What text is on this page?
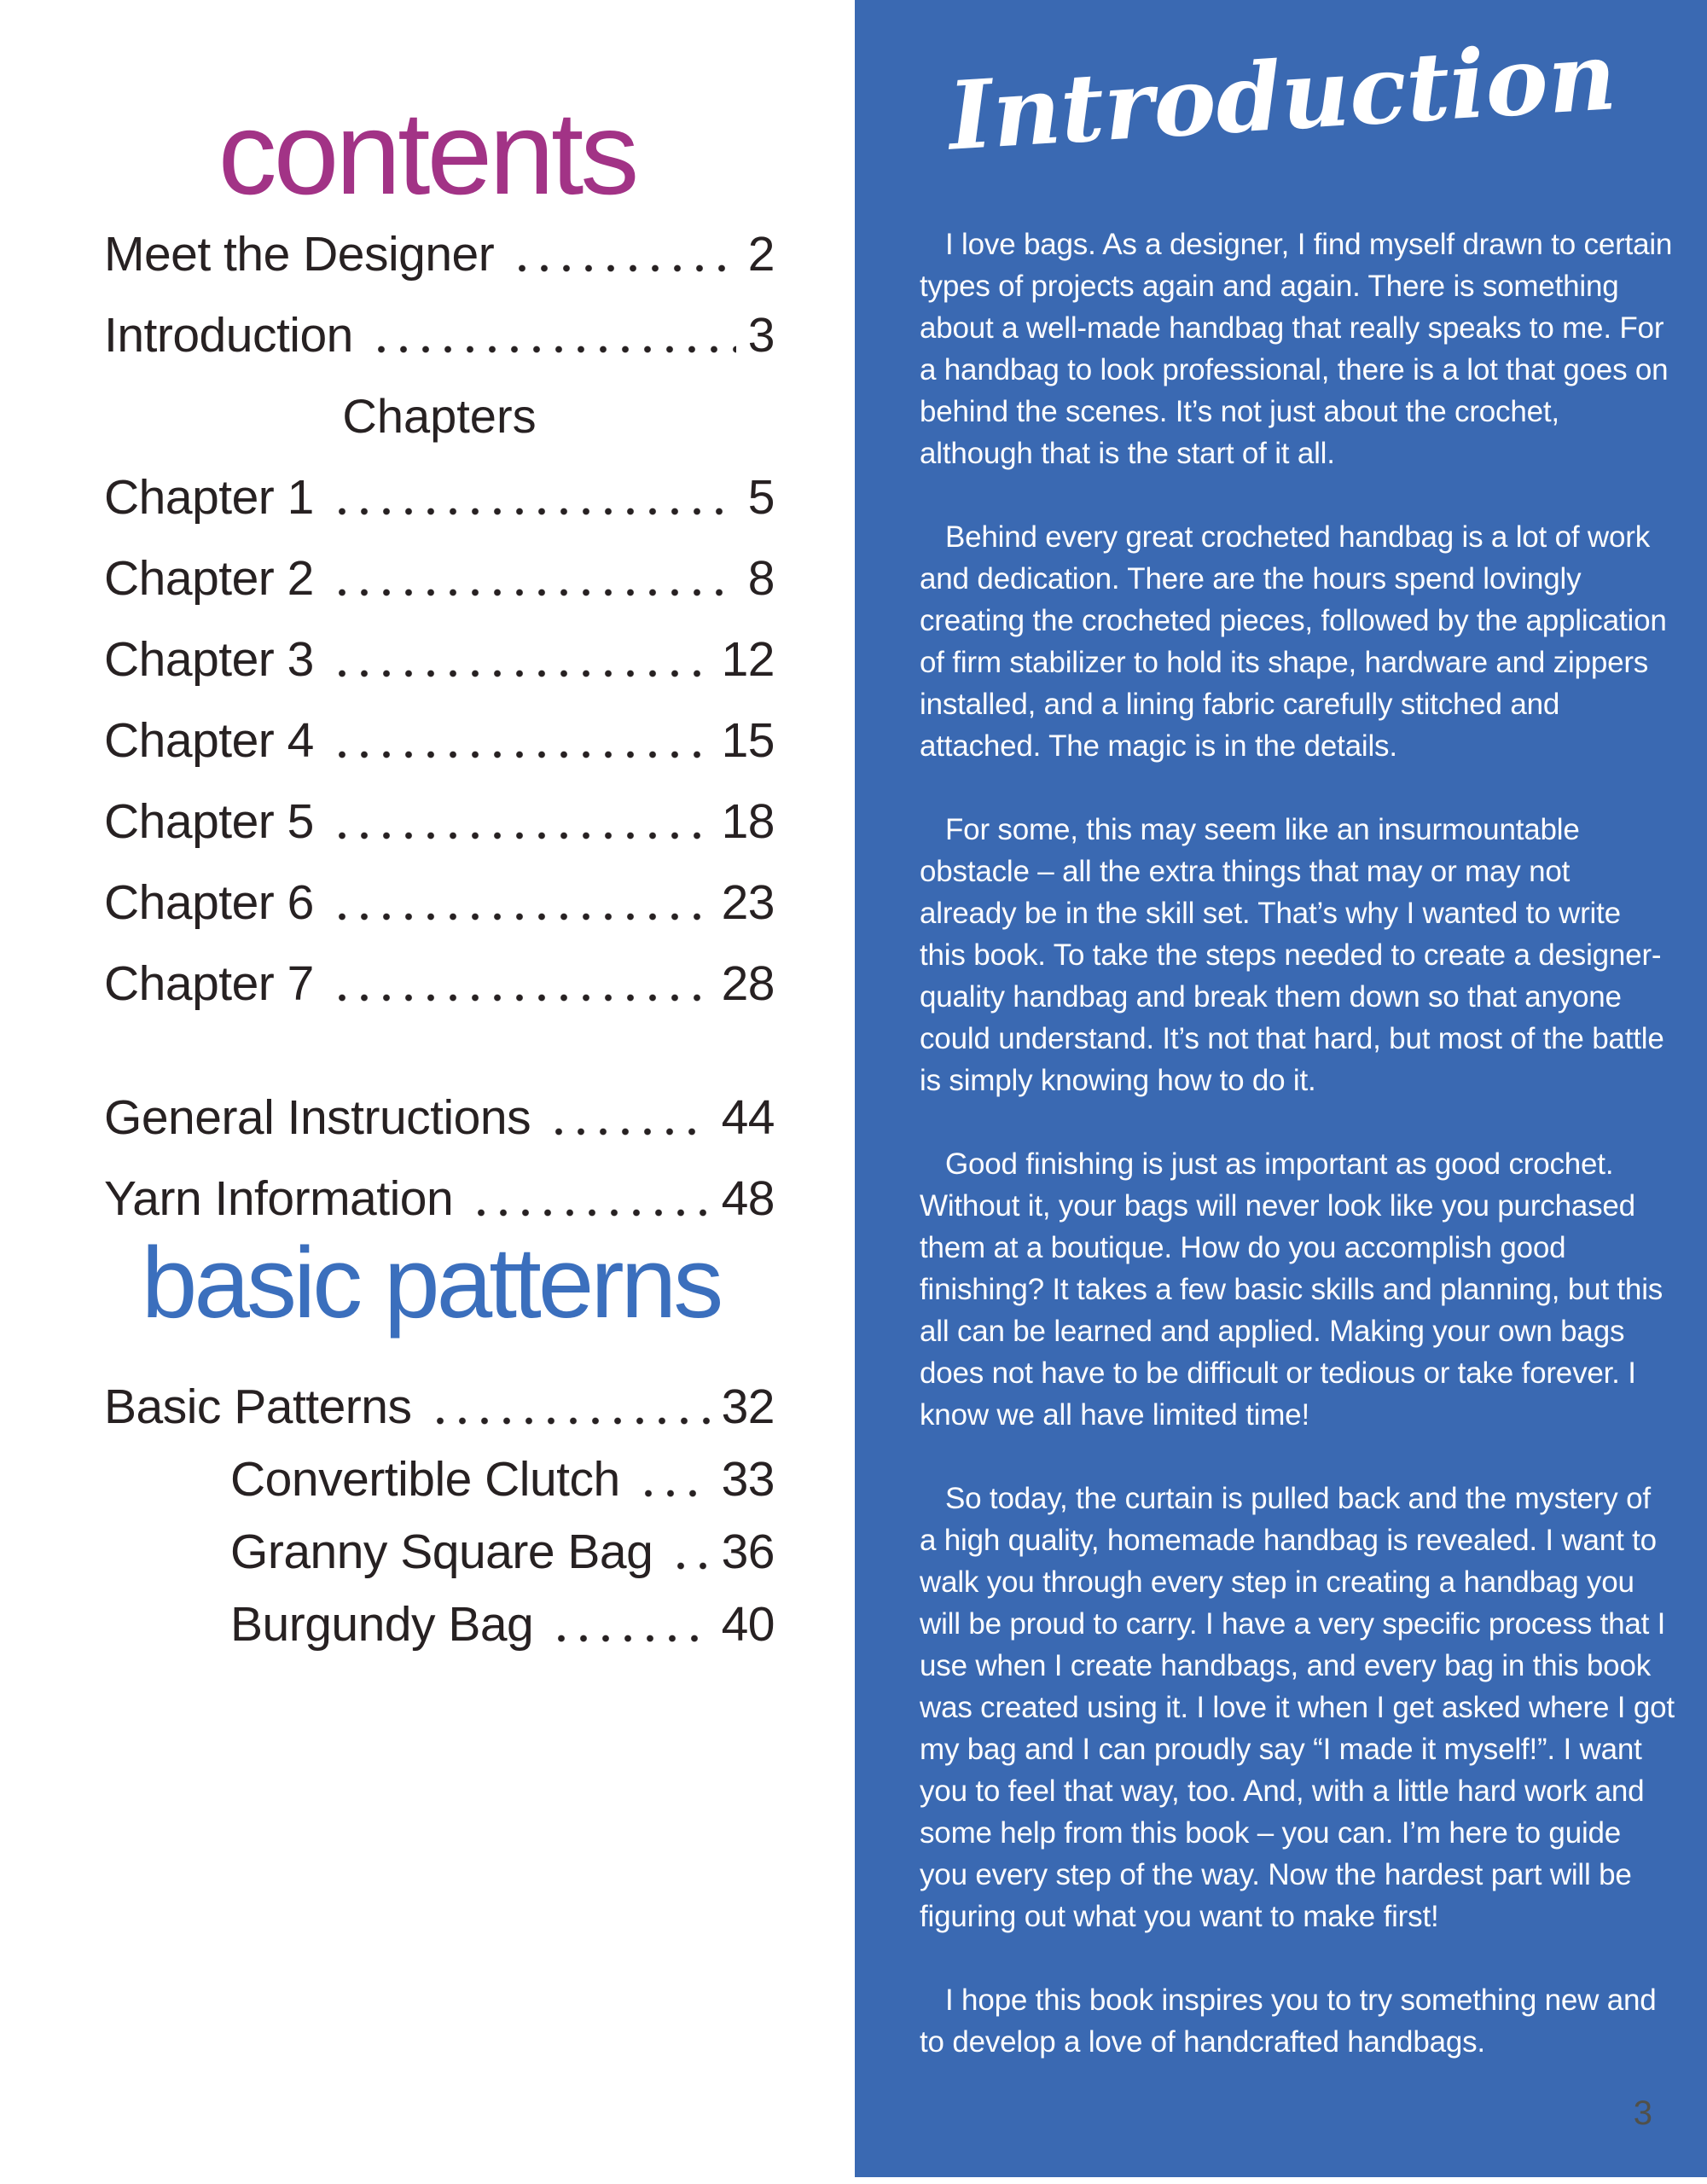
contents
Meet the Designer	2
Introduction	3
Chapters
Chapter 1	5
Chapter 2	8
Chapter 3	12
Chapter 4	15
Chapter 5	18
Chapter 6	23
Chapter 7	28
General Instructions	44
Yarn Information	48
basic patterns
Basic Patterns	32
Convertible Clutch 33
Granny Square Bag 36
Burgundy Bag	40
Introduction

I love bags. As a designer, I find myself drawn to certain types of projects again and again. There is something about a well-made handbag that really speaks to me. For a handbag to look professional, there is a lot that goes on behind the scenes. It’s not just about the crochet, although that is the start of it all.

Behind every great crocheted handbag is a lot of work and dedication. There are the hours spend lovingly creating the crocheted pieces, followed by the application of firm stabilizer to hold its shape, hardware and zippers installed, and a lining fabric carefully stitched and attached. The magic is in the details.

For some, this may seem like an insurmountable obstacle – all the extra things that may or may not already be in the skill set. That’s why I wanted to write this book. To take the steps needed to create a designer-quality handbag and break them down so that anyone could understand. It’s not that hard, but most of the battle is simply knowing how to do it.

Good finishing is just as important as good crochet. Without it, your bags will never look like you purchased them at a boutique. How do you accomplish good finishing? It takes a few basic skills and planning, but this all can be learned and applied. Making your own bags does not have to be difficult or tedious or take forever. I know we all have limited time!

So today, the curtain is pulled back and the mystery of a high quality, homemade handbag is revealed. I want to walk you through every step in creating a handbag you will be proud to carry. I have a very specific process that I use when I create handbags, and every bag in this book was created using it. I love it when I get asked where I got my bag and I can proudly say “I made it myself!”. I want you to feel that way, too. And, with a little hard work and some help from this book – you can. I’m here to guide you every step of the way. Now the hardest part will be figuring out what you want to make first!

I hope this book inspires you to try something new and to develop a love of handcrafted handbags.

3
